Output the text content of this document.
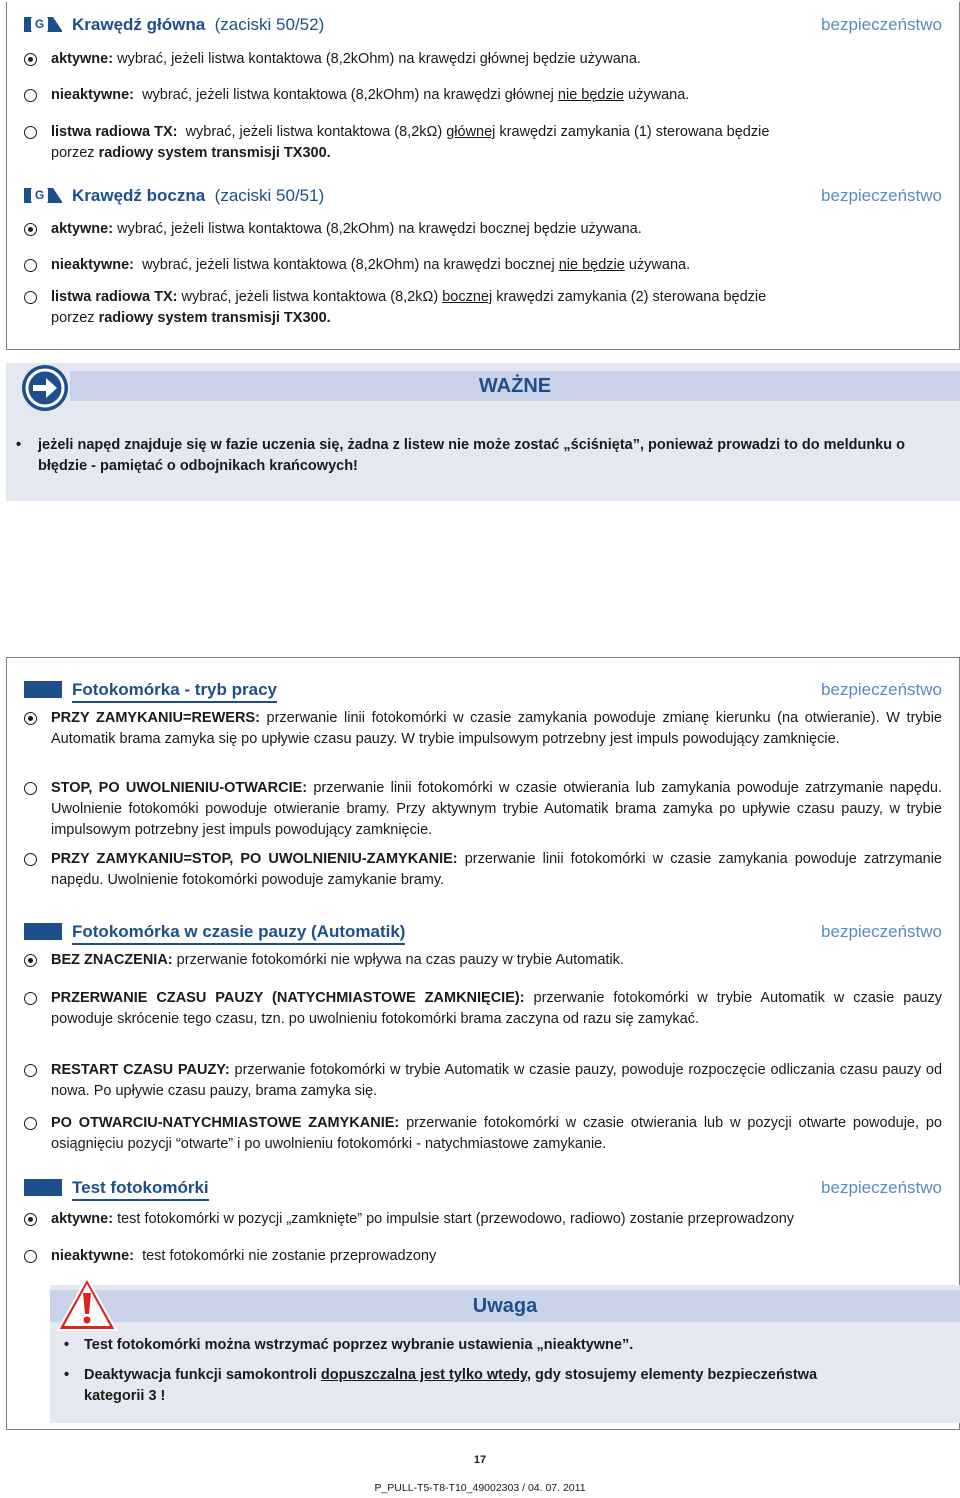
G Krawędź główna (zaciski 50/52)	bezpieczeństwo
aktywne: wybrać, jeżeli listwa kontaktowa (8,2kOhm) na krawędzi głównej będzie używana.
nieaktywne: wybrać, jeżeli listwa kontaktowa (8,2kOhm) na krawędzi głównej nie będzie używana.
listwa radiowa TX: wybrać, jeżeli listwa kontaktowa (8,2kΩ) głównej krawędzi zamykania (1) sterowana będzie
porzez radiowy system transmisji TX300.
G Krawędź boczna (zaciski 50/51)	bezpieczeństwo
aktywne: wybrać, jeżeli listwa kontaktowa (8,2kOhm) na krawędzi bocznej będzie używana.
nieaktywne: wybrać, jeżeli listwa kontaktowa (8,2kOhm) na krawędzi bocznej nie będzie używana.
listwa radiowa TX: wybrać, jeżeli listwa kontaktowa (8,2kΩ) bocznej krawędzi zamykania (2) sterowana będzie
porzez radiowy system transmisji TX300.
WAŻNE
• jeżeli napęd znajduje się w fazie uczenia się, żadna z listew nie może zostać „ściśnięta”, ponieważ prowadzi to do meldunku o błędzie - pamiętać o odbojnikach krańcowych!
Fotokomórka - tryb pracy	bezpieczeństwo
PRZY ZAMYKANIU=REWERS: przerwanie linii fotokomórki w czasie zamykania powoduje zmianę kierunku (na otwieranie). W trybie Automatik brama zamyka się po upływie czasu pauzy. W trybie impulsowym potrzebny jest impuls powodujący zamknięcie.
STOP, PO UWOLNIENIU-OTWARCIE: przerwanie linii fotokomórki w czasie otwierania lub zamykania powoduje zatrzymanie napędu. Uwolnienie fotokomóki powoduje otwieranie bramy. Przy aktywnym trybie Automatik brama zamyka po upływie czasu pauzy, w trybie impulsowym potrzebny jest impuls powodujący zamknięcie.
PRZY ZAMYKANIU=STOP, PO UWOLNIENIU-ZAMYKANIE: przerwanie linii fotokomórki w czasie zamykania powoduje zatrzymanie napędu. Uwolnienie fotokomórki powoduje zamykanie bramy.
Fotokomórka w czasie pauzy (Automatik)	bezpieczeństwo
BEZ ZNACZENIA: przerwanie fotokomórki nie wpływa na czas pauzy w trybie Automatik.
PRZERWANIE CZASU PAUZY (NATYCHMIASTOWE ZAMKNIĘCIE): przerwanie fotokomórki w trybie Automatik w czasie pauzy powoduje skrócenie tego czasu, tzn. po uwolnieniu fotokomórki brama zaczyna od razu się zamykać.
RESTART CZASU PAUZY: przerwanie fotokomórki w trybie Automatik w czasie pauzy, powoduje rozpoczęcie odliczania czasu pauzy od nowa. Po upływie czasu pauzy, brama zamyka się.
PO OTWARCIU-NATYCHMIASTOWE ZAMYKANIE: przerwanie fotokomórki w czasie otwierania lub w pozycji otwarte powoduje, po osiągnięciu pozycji “otwarte” i po uwolnieniu fotokomórki - natychmiastowe zamykanie.
Test fotokomórki	bezpieczeństwo
aktywne: test fotokomórki w pozycji „zamknięte” po impulsie start (przewodowo, radiowo) zostanie przeprowadzony
nieaktywne: test fotokomórki nie zostanie przeprowadzony
Uwaga
• Test fotokomórki można wstrzymać poprzez wybranie ustawienia „nieaktywne”.
• Deaktywacja funkcji samokontroli dopuszczalna jest tylko wtedy, gdy stosujemy elementy bezpieczeństwa
kategorii 3 !
17
P_PULL-T5-T8-T10_49002303 / 04. 07. 2011
